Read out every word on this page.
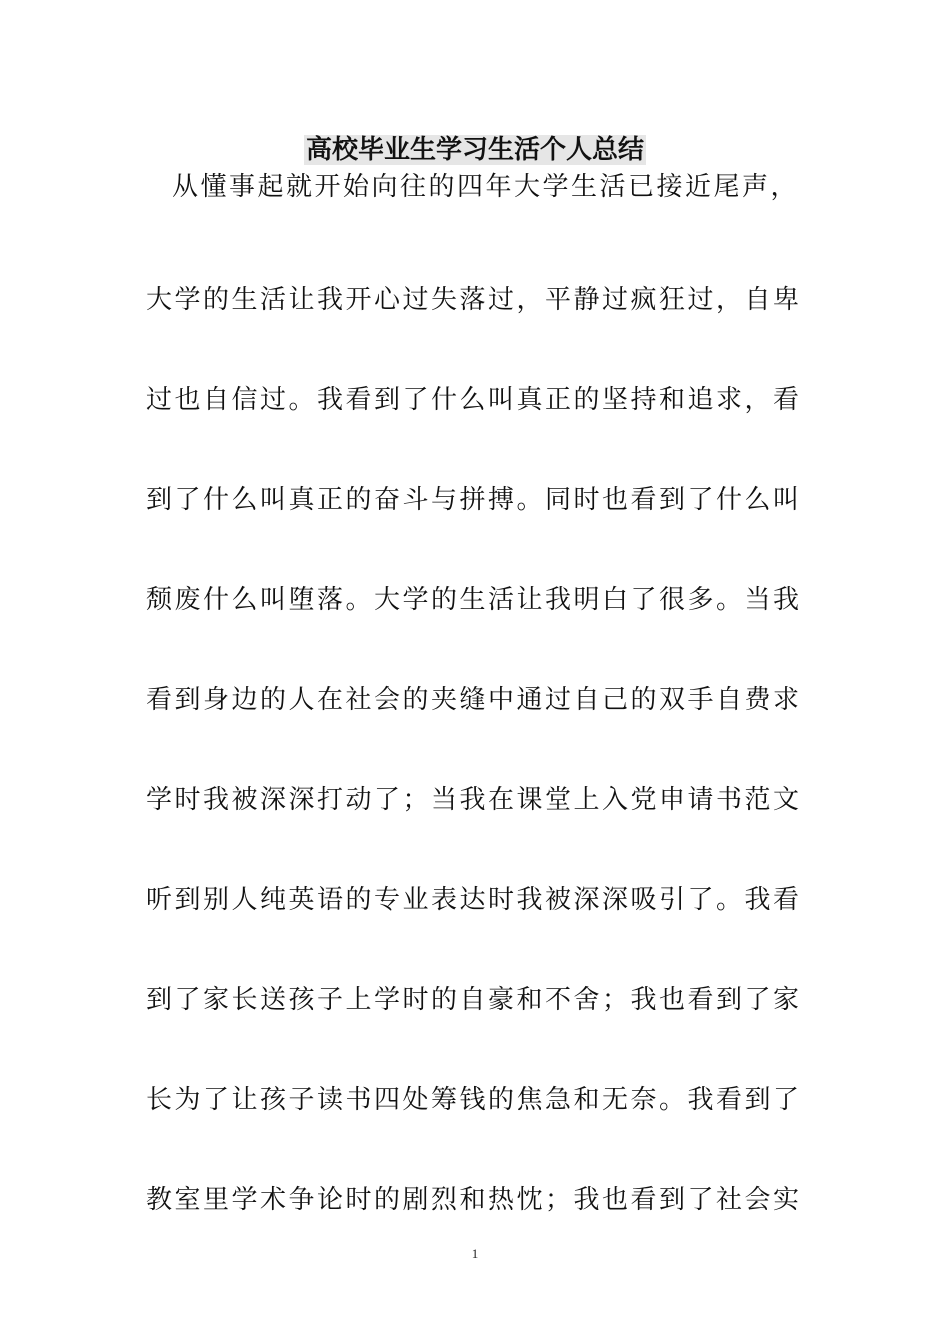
高校毕业生学习生活个人总结
从懂事起就开始向往的四年大学生活已接近尾声，
大学的生活让我开心过失落过，平静过疯狂过，自卑
过也自信过。我看到了什么叫真正的坚持和追求，看
到了什么叫真正的奋斗与拼搏。同时也看到了什么叫
颓废什么叫堕落。大学的生活让我明白了很多。当我
看到身边的人在社会的夹缝中通过自己的双手自费求
学时我被深深打动了；当我在课堂上入党申请书范文
听到别人纯英语的专业表达时我被深深吸引了。我看
到了家长送孩子上学时的自豪和不舍；我也看到了家
长为了让孩子读书四处筹钱的焦急和无奈。我看到了
教室里学术争论时的剧烈和热忱；我也看到了社会实
1
